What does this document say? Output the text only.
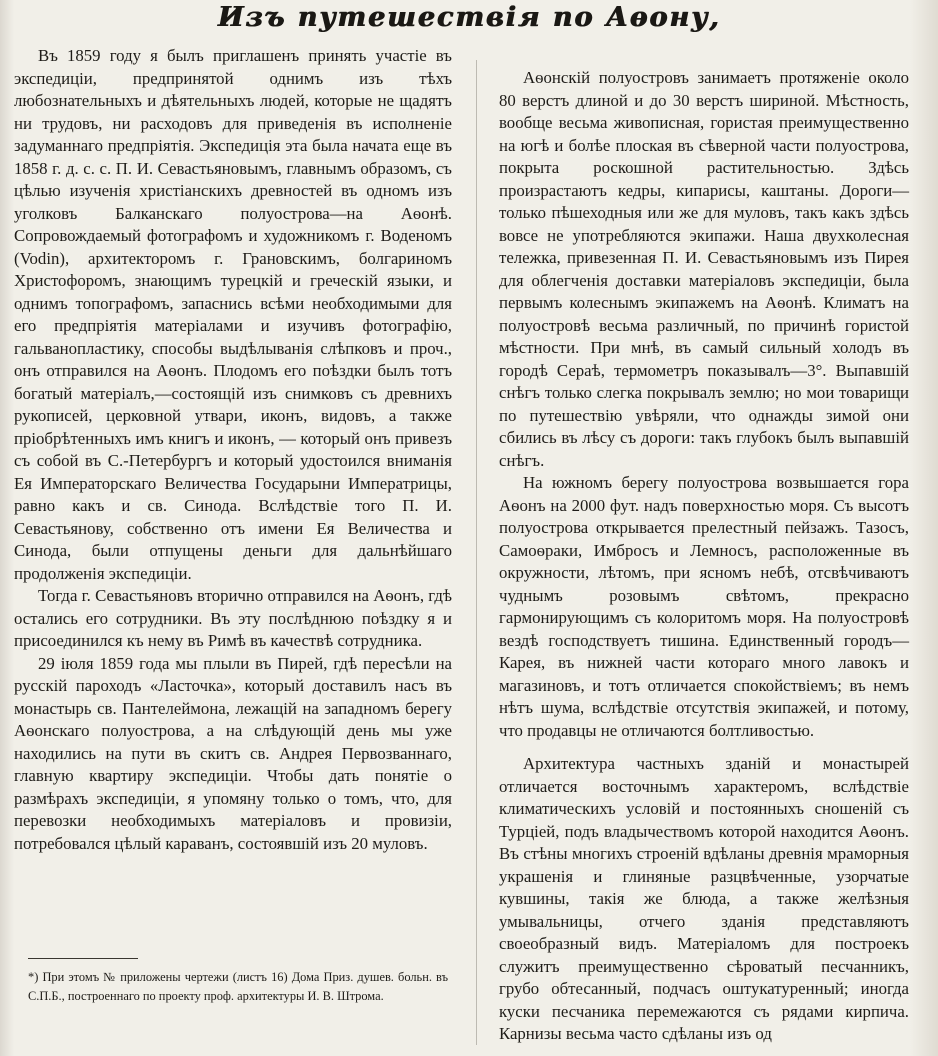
Изъ путешествія по Аѳону,

Въ 1859 году я былъ приглашенъ принять участіе въ экспедиціи, предпринятой однимъ изъ тѣхъ любознательныхъ и дѣятельныхъ людей, которые не щадятъ ни трудовъ, ни расходовъ для приведенія въ исполненіе задуманнаго предпріятія. Экспедиція эта была начата еще въ 1858 г. д. с. с. П. И. Севастьяновымъ, главнымъ образомъ, съ цѣлью изученія христіанскихъ древностей въ одномъ изъ уголковъ Балканскаго полуострова—на Аѳонѣ. Сопровождаемый фотографомъ и художникомъ г. Воденомъ (Vodin), архитекторомъ г. Грановскимъ, болгариномъ Христофоромъ, знающимъ турецкій и греческій языки, и однимъ топографомъ, запаснись всѣми необходимыми для его предпріятія матеріалами и изучивъ фотографію, гальванопластику, способы выдѣлыванія слѣпковъ и проч., онъ отправился на Аѳонъ. Плодомъ его поѣздки былъ тотъ богатый матеріалъ,—состоящій изъ снимковъ съ древнихъ рукописей, церковной утвари, иконъ, видовъ, а также пріобрѣтенныхъ имъ книгъ и иконъ, — который онъ привезъ съ собой въ С.-Петербургъ и который удостоился вниманія Ея Императорскаго Величества Государыни Императрицы, равно какъ и св. Синода. Вслѣдствіе того П. И. Севастьянову, собственно отъ имени Ея Величества и Синода, были отпущены деньги для дальнѣйшаго продолженія экспедиціи.

Тогда г. Севастьяновъ вторично отправился на Аѳонъ, гдѣ остались его сотрудники. Въ эту послѣднюю поѣздку я и присоединился къ нему въ Римѣ въ качествѣ сотрудника.

29 іюля 1859 года мы плыли въ Пирей, гдѣ пересѣли на русскій пароходъ «Ласточка», который доставилъ насъ въ монастырь св. Пантелеймона, лежащій на западномъ берегу Аѳонскаго полуострова, а на слѣдующій день мы уже находились на пути въ скитъ св. Андрея Первозваннаго, главную квартиру экспедиціи. Чтобы дать понятіе о размѣрахъ экспедиціи, я упомяну только о томъ, что, для перевозки необходимыхъ матеріаловъ и провизіи, потребовался цѣлый караванъ, состоявшій изъ 20 муловъ.

Аѳонскій полуостровъ занимаетъ протяженіе около 80 верстъ длиной и до 30 верстъ шириной. Мѣстность, вообще весьма живописная, гористая преимущественно на югѣ и болѣе плоская въ сѣверной части полуострова, покрыта роскошной растительностью. Здѣсь произрастаютъ кедры, кипарисы, каштаны. Дороги—только пѣшеходныя или же для муловъ, такъ какъ здѣсь вовсе не употребляются экипажи. Наша двухколесная тележка, привезенная П. И. Севастьяновымъ изъ Пирея для облегченія доставки матеріаловъ экспедиціи, была первымъ колеснымъ экипажемъ на Аѳонѣ. Климатъ на полуостровѣ весьма различный, по причинѣ гористой мѣстности. При мнѣ, въ самый сильный холодъ въ городѣ Сераѣ, термометръ показывалъ—3°. Выпавшій снѣгъ только слегка покрывалъ землю; но мои товарищи по путешествію увѣряли, что однажды зимой они сбились въ лѣсу съ дороги: такъ глубокъ былъ выпавшій снѣгъ.

На южномъ берегу полуострова возвышается гора Аѳонъ на 2000 фут. надъ поверхностью моря. Съ высотъ полуострова открывается прелестный пейзажъ. Тазосъ, Самоѳраки, Имбросъ и Лемносъ, расположенные въ окружности, лѣтомъ, при ясномъ небѣ, отсвѣчиваютъ чуднымъ розовымъ свѣтомъ, прекрасно гармонирующимъ съ колоритомъ моря. На полуостровѣ вездѣ господствуетъ тишина. Единственный городъ—Карея, въ нижней части котораго много лавокъ и магазиновъ, и тотъ отличается спокойствіемъ; въ немъ нѣтъ шума, вслѣдствіе отсутствія экипажей, и потому, что продавцы не отличаются болтливостью.

Архитектура частныхъ зданій и монастырей отличается восточнымъ характеромъ, вслѣдствіе климатическихъ условій и постоянныхъ сношеній съ Турціей, подъ владычествомъ которой находится Аѳонъ. Въ стѣны многихъ строеній вдѣланы древнія мраморныя украшенія и глиняные разцвѣченные, узорчатые кувшины, такія же блюда, а также желѣзныя умывальницы, отчего зданія представляютъ своеобразный видъ. Матеріаломъ для построекъ служитъ преимущественно сѣроватый песчанникъ, грубо обтесанный, подчасъ оштукатуренный; иногда куски песчаника перемежаются съ рядами кирпича. Карнизы весьма часто сдѣланы изъ од

*) При этомъ № приложены чертежи (листъ 16) Дома Приз. душев. больн. въ С.П.Б., построеннаго по проекту проф. архитектуры И. В. Штрома.
